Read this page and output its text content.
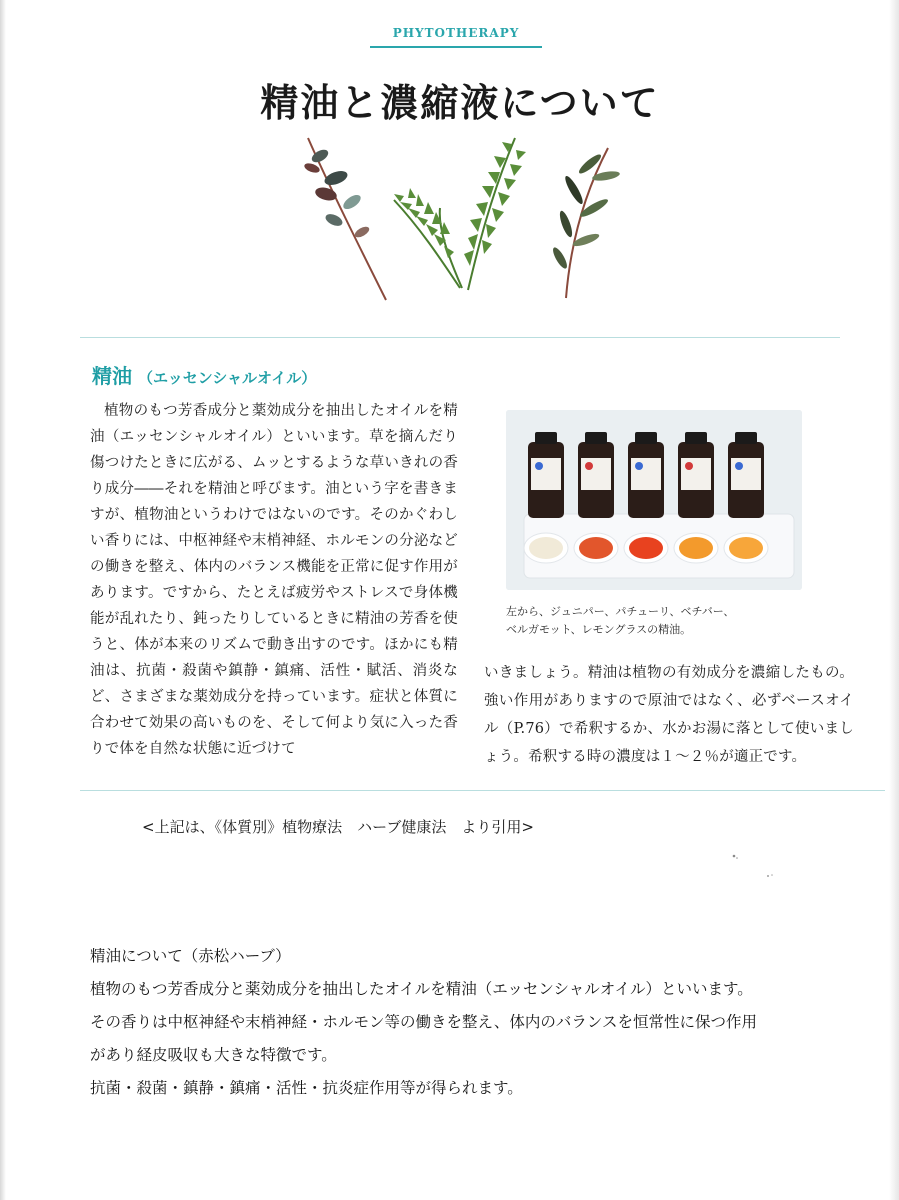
PHYTOTHERAPY
精油と濃縮液について
精油 （エッセンシャルオイル）

植物のもつ芳香成分と薬効成分を抽出したオイルを精油（エッセンシャルオイル）といいます。草を摘んだり傷つけたときに広がる、ムッとするような草いきれの香り成分――それを精油と呼びます。油という字を書きますが、植物油というわけではないのです。そのかぐわしい香りには、中枢神経や末梢神経、ホルモンの分泌などの働きを整え、体内のバランス機能を正常に促す作用があります。ですから、たとえば疲労やストレスで身体機能が乱れたり、鈍ったりしているときに精油の芳香を使うと、体が本来のリズムで動き出すのです。ほかにも精油は、抗菌・殺菌や鎮静・鎮痛、活性・賦活、消炎など、さまざまな薬効成分を持っています。症状と体質に合わせて効果の高いものを、そして何より気に入った香りで体を自然な状態に近づけて

左から、ジュニパー、パチューリ、ベチバー、
ベルガモット、レモングラスの精油。

いきましょう。精油は植物の有効成分を濃縮したもの。強い作用がありますので原油ではなく、必ずベースオイル（P.76）で希釈するか、水かお湯に落として使いましょう。希釈する時の濃度は１～２％が適正です。

<上記は、《体質別》植物療法　ハーブ健康法　より引用>

精油について（赤松ハーブ）

植物のもつ芳香成分と薬効成分を抽出したオイルを精油（エッセンシャルオイル）といいます。

その香りは中枢神経や末梢神経・ホルモン等の働きを整え、体内のバランスを恒常性に保つ作用

があり経皮吸収も大きな特徴です。

抗菌・殺菌・鎮静・鎮痛・活性・抗炎症作用等が得られます。
